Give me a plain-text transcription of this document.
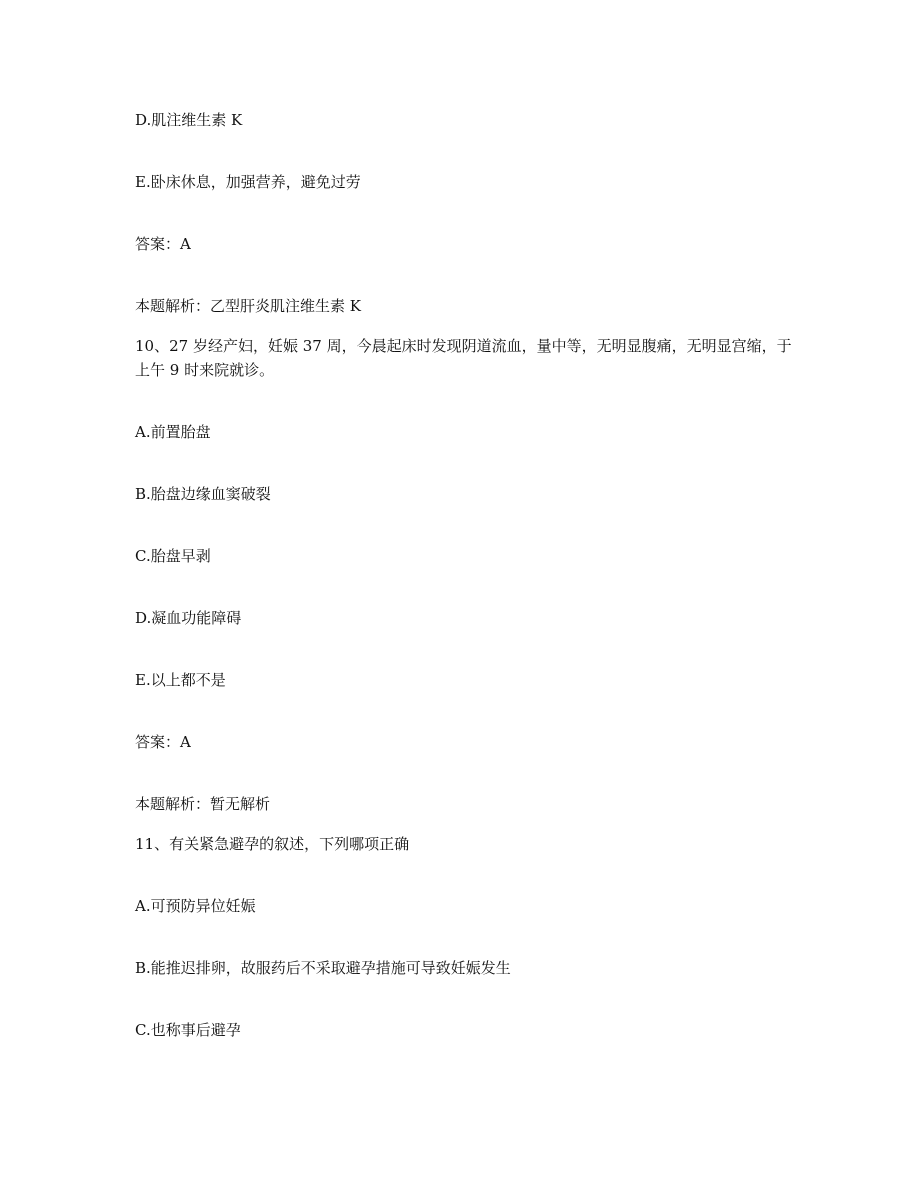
D.肌注维生素 K
E.卧床休息，加强营养，避免过劳
答案：A
本题解析：乙型肝炎肌注维生素 K
10、27 岁经产妇，妊娠 37 周，今晨起床时发现阴道流血，量中等，无明显腹痛，无明显宫缩，于上午 9 时来院就诊。
A.前置胎盘
B.胎盘边缘血窦破裂
C.胎盘早剥
D.凝血功能障碍
E.以上都不是
答案：A
本题解析：暂无解析
11、有关紧急避孕的叙述，下列哪项正确
A.可预防异位妊娠
B.能推迟排卵，故服药后不采取避孕措施可导致妊娠发生
C.也称事后避孕
